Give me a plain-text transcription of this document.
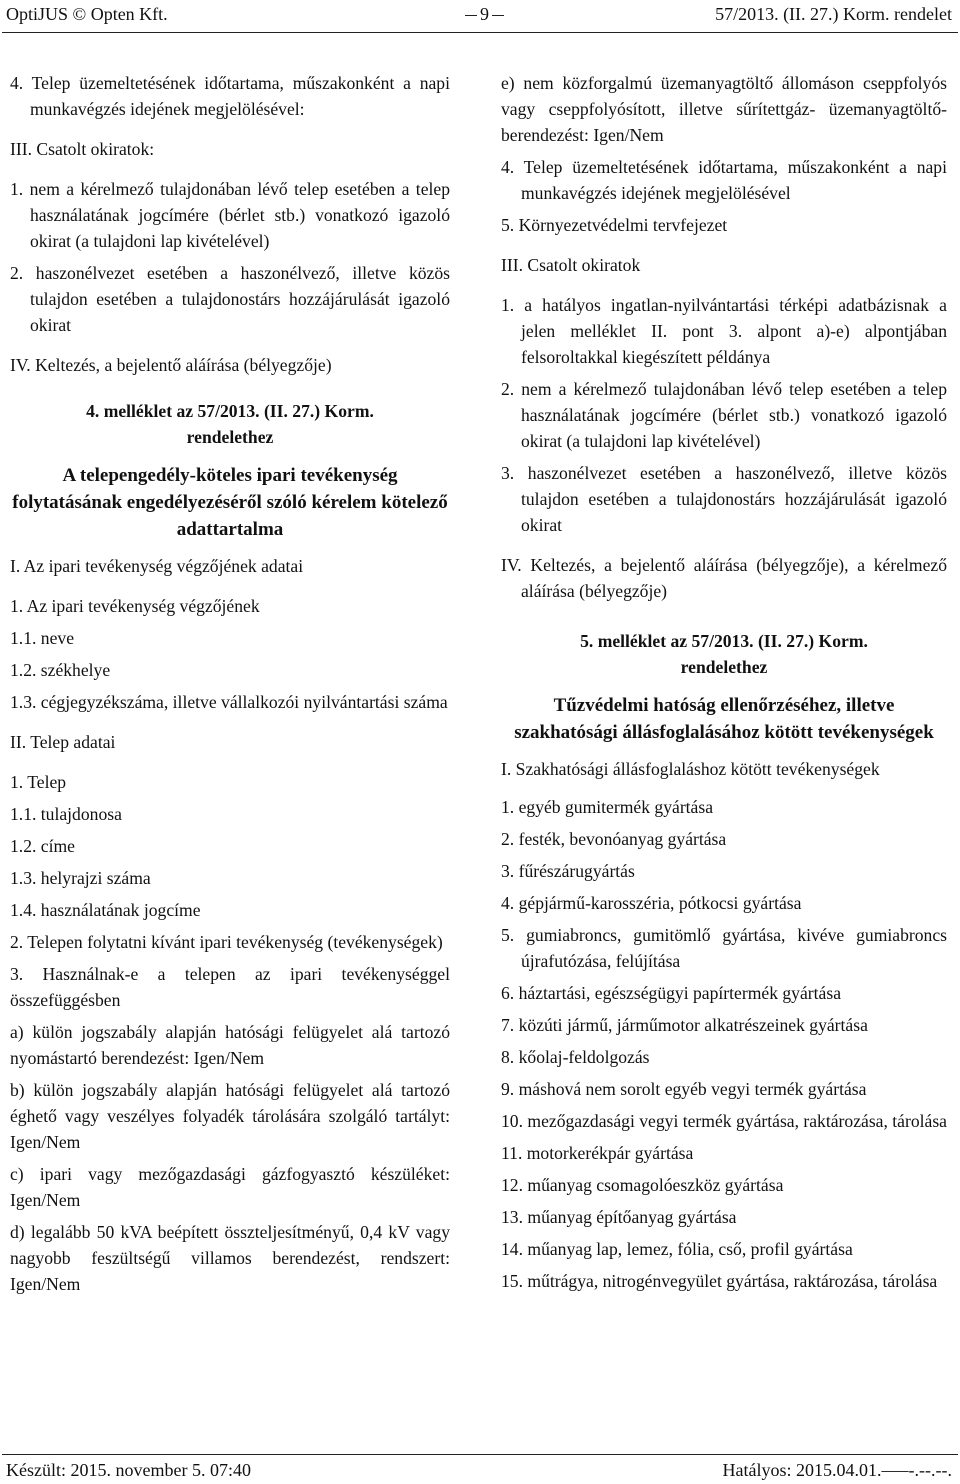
OptiJUS © Opten Kft.	9	57/2013. (II. 27.) Korm. rendelet

4. Telep üzemeltetésének időtartama, műszakonként a napi munkavégzés idejének megjelölésével:

III. Csatolt okiratok:

1. nem a kérelmező tulajdonában lévő telep esetében a telep használatának jogcímére (bérlet stb.) vonatkozó igazoló okirat (a tulajdoni lap kivételével)

2. haszonélvezet esetében a haszonélvező, illetve közös tulajdon esetében a tulajdonostárs hozzájárulását igazoló okirat

IV. Keltezés, a bejelentő aláírása (bélyegzője)

4. melléklet az 57/2013. (II. 27.) Korm.

rendelethez

A telepengedély-köteles ipari tevékenység folytatásának engedélyezéséről szóló kérelem kötelező adattartalma

I. Az ipari tevékenység végzőjének adatai

1. Az ipari tevékenység végzőjének

1.1. neve

1.2. székhelye

1.3. cégjegyzékszáma, illetve vállalkozói nyilvántartási száma

II. Telep adatai

1. Telep

1.1. tulajdonosa

1.2. címe

1.3. helyrajzi száma

1.4. használatának jogcíme

2. Telepen folytatni kívánt ipari tevékenység (tevékenységek)

3. Használnak-e a telepen az ipari tevékenységgel összefüggésben

a) külön jogszabály alapján hatósági felügyelet alá tartozó nyomástartó berendezést: Igen/Nem

b) külön jogszabály alapján hatósági felügyelet alá tartozó éghető vagy veszélyes folyadék tárolására szolgáló tartályt: Igen/Nem

c) ipari vagy mezőgazdasági gázfogyasztó készüléket: Igen/Nem

d) legalább 50 kVA beépített összteljesítményű, 0,4 kV vagy nagyobb feszültségű villamos berendezést, rendszert: Igen/Nem

e) nem közforgalmú üzemanyagtöltő állomáson cseppfolyós vagy cseppfolyósított, illetve sűrítettgáz- üzemanyagtöltő-berendezést: Igen/Nem

4. Telep üzemeltetésének időtartama, műszakonként a napi munkavégzés idejének megjelölésével

5. Környezetvédelmi tervfejezet

III. Csatolt okiratok

1. a hatályos ingatlan-nyilvántartási térképi adatbázisnak a jelen melléklet II. pont 3. alpont a)-e) alpontjában felsoroltakkal kiegészített példánya

2. nem a kérelmező tulajdonában lévő telep esetében a telep használatának jogcímére (bérlet stb.) vonatkozó igazoló okirat (a tulajdoni lap kivételével)

3. haszonélvezet esetében a haszonélvező, illetve közös tulajdon esetében a tulajdonostárs hozzájárulását igazoló okirat

IV. Keltezés, a bejelentő aláírása (bélyegzője), a kérelmező aláírása (bélyegzője)

5. melléklet az 57/2013. (II. 27.) Korm.

rendelethez

Tűzvédelmi hatóság ellenőrzéséhez, illetve szakhatósági állásfoglalásához kötött tevékenységek

I. Szakhatósági állásfoglaláshoz kötött tevékenységek

1. egyéb gumitermék gyártása

2. festék, bevonóanyag gyártása

3. fűrészárugyártás

4. gépjármű-karosszéria, pótkocsi gyártása

5. gumiabroncs, gumitömlő gyártása, kivéve gumiabroncs újrafutózása, felújítása

6. háztartási, egészségügyi papírtermék gyártása

7. közúti jármű, járműmotor alkatrészeinek gyártása

8. kőolaj-feldolgozás

9. máshová nem sorolt egyéb vegyi termék gyártása

10. mezőgazdasági vegyi termék gyártása, raktározása, tárolása

11. motorkerékpár gyártása

12. műanyag csomagolóeszköz gyártása

13. műanyag építőanyag gyártása

14. műanyag lap, lemez, fólia, cső, profil gyártása

15. műtrágya, nitrogénvegyület gyártása, raktározása, tárolása

Készült: 2015. november 5. 07:40	Hatályos: 2015.04.01.–––-.--.--.
